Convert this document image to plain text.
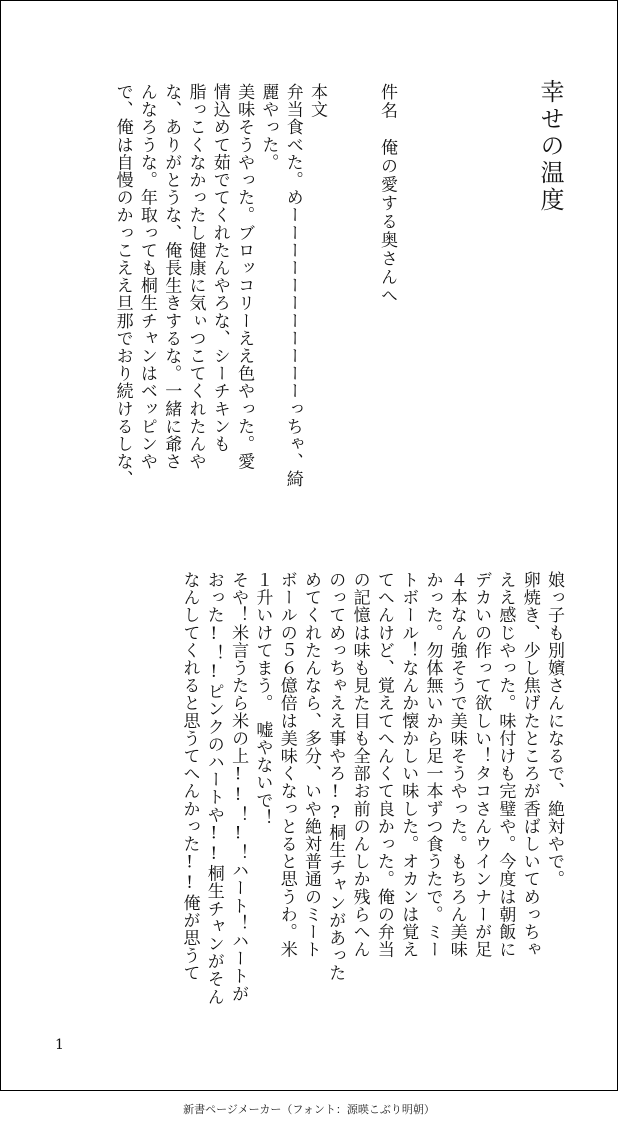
幸せの温度
件名　俺の愛する奥さんへ
1
本文
弁当食べた。めーーーーーーーーーーーっちゃ、綺
麗やった。
美味そうやった。ブロッコリーええ色やった。愛
情込めて茹でてくれたんやろな、シーチキンも
脂っこくなかったし健康に気ぃつこてくれたんや
な、ありがとうな、俺長生きするな。一緒に爺さ
んなろうな。年取っても桐生チャンはベッピンや
で、俺は自慢のかっこええ旦那でおり続けるしな、
娘っ子も別嬪さんになるで、絶対やで。
卵焼き、少し焦げたところが香ばしいてめっちゃ
ええ感じやった。味付けも完璧や。今度は朝飯に
デカいの作って欲しい！タコさんウインナーが足
４本なん強そうで美味そうやった。もちろん美味
かった。勿体無いから足一本ずつ食うたで。ミー
トボール！なんか懐かしい味した。オカンは覚え
てへんけど、覚えてへんくて良かった。俺の弁当
の記憶は味も見た目も全部お前のんしか残らへん
のってめっちゃええ事やろ!?桐生チャンがあった
めてくれたんなら、多分、いや絶対普通のミート
ボールの５６億倍は美味くなっとると思うわ。米
１升いけてまう。　嘘やないで！
そや！米言うたら米の上!!！!！ハート！ハートが
おった!！!ピンクのハートや!!桐生チャンがそん
なんしてくれると思うてへんかった!!俺が思うて
新書ページメーカー（フォント：源暎こぶり明朝）
